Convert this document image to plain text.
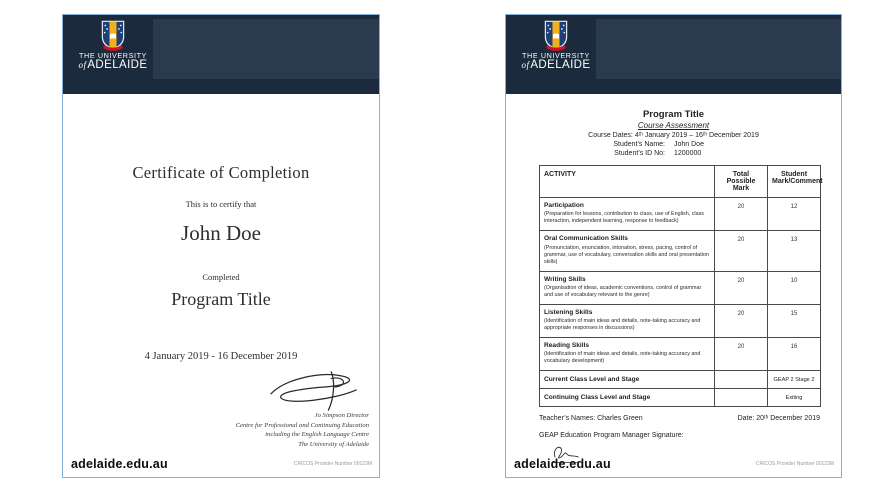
THE UNIVERSITY
ofADELAIDE
Certificate of Completion
This is to certify that
John Doe
Completed
Program Title
4 January 2019 - 16 December 2019
Jo Simpson Director
Centre for Professional and Continuing Education
including the English Language Centre
The University of Adelaide
adelaide.edu.au	CRICOS Provider Number 00123M
THE UNIVERSITY
ofADELAIDE
Program Title
Course Assessment
Course Dates: 4ᵗʰ January 2019 – 16ᵗʰ December 2019
Student’s Name: John Doe
Student’s ID No: 1200000
ACTIVITY	Total Possible Mark	Student Mark/Comment

Participation
(Preparation for lessons, contribution to class, use of English, class interaction, independent learning, response to feedback)	20	12

Oral Communication Skills
(Pronunciation, enunciation, intonation, stress, pacing, control of grammar, use of vocabulary, conversation skills and oral presentation skills)	20	13

Writing Skills
(Organisation of ideas, academic conventions, control of grammar and use of vocabulary relevant to the genre)	20	10

Listening Skills
(Identification of main ideas and details, note-taking accuracy and appropriate responses in discussions)	20	15

Reading Skills
(Identification of main ideas and details, note-taking accuracy and vocabulary development)	20	16
Current Class Level and Stage		GEAP 2 Stage 2
Continuing Class Level and Stage		Exiting
Teacher’s Names: Charles Green	Date: 20ᵗʰ December 2019
GEAP Education Program Manager Signature:
adelaide.edu.au	CRICOS Provider Number 00123M
